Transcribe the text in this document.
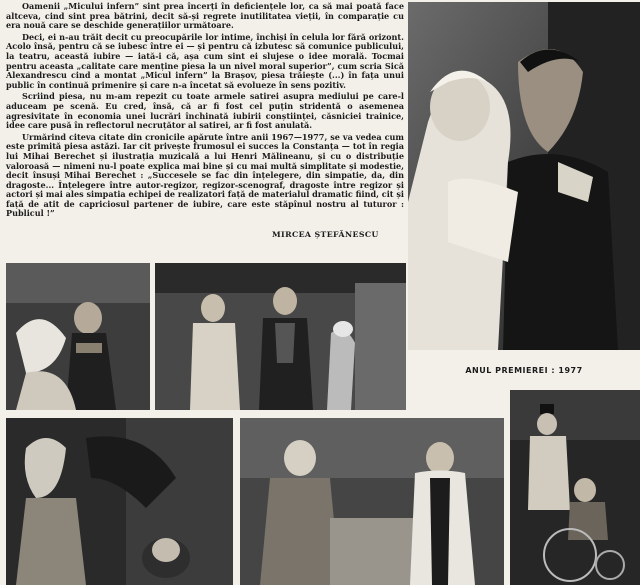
Oamenii „Micului infern” sint prea încerți în deficiențele lor, ca să mai poată face altceva, cind sint prea bătrini, decit să-și regrete inutilitatea vieții, în comparație cu era nouă care se deschide generațiilor următoare.

Deci, ei n-au trăit decit cu preocupările lor intime, închiși în celula lor fără orizont. Acolo însă, pentru că se iubesc între ei — și pentru că izbutesc să comunice publicului, la teatru, această iubire — iată-i că, așa cum sint ei slujese o idee morală. Tocmai pentru aceasta „calitate care menține piesa la un nivel moral superior”, cum scria Sică Alexandrescu cind a montat „Micul infern” la Brașov, piesa trăiește (...) în fața unui public în continuă primenire și care n-a încetat să evolueze în sens pozitiv.

Scriind piesa, nu m-am repezit cu toate armele satirei asupra mediului pe care-l aduceam pe scenă. Eu cred, însă, că ar fi fost cel puțin stridentă o asemenea agresivitate în economia unei lucrări închinată iubirii conștiinței, căsniciei trainice, idee care pusă în reflectorul necruțător al satirei, ar fi fost anulată.

Urmărind citeva citate din cronicile apărute între anii 1967—1977, se va vedea cum este primită piesa astăzi. Iar cit privește frumosul ei succes la Constanța — tot în regia lui Mihai Berechet și ilustrația muzicală a lui Henri Mălineanu, și cu o distribuție valoroasă — nimeni nu-l poate explica mai bine și cu mai multă simplitate și modestie, decit însuși Mihai Berechet : „Succesele se fac din înțelegere, din simpatie, da, din dragoste... Înțelegere între autor-regizor, regizor-scenograf, dragoste între regizor și actori și mai ales simpatia echipei de realizatori față de materialul dramatic fiind, cit și față de atit de capriciosul partener de iubire, care este stăpînul nostru al tuturor : Publicul !”

MIRCEA ȘTEFĂNESCU
ANUL PREMIEREI : 1977
